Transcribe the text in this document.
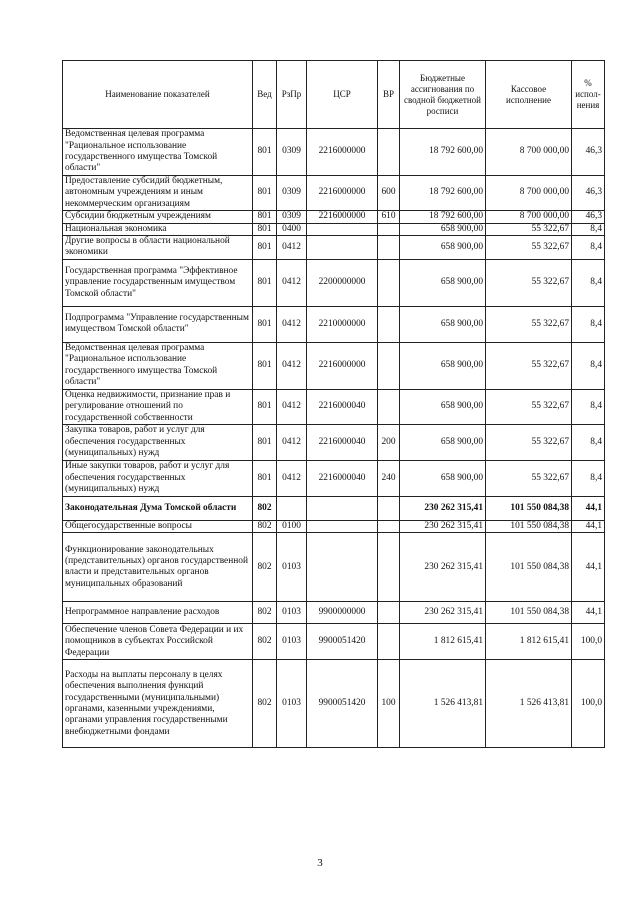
Наименование показателей	Вед	РзПр	ЦСР	ВР	Бюджетные ассигнования по сводной бюджетной росписи	Кассовое исполнение	% испол-нения
Ведомственная целевая программа "Рациональное использование государственного имущества Томской области"	801	0309	2216000000		18 792 600,00	8 700 000,00	46,3
Предоставление субсидий бюджетным, автономным учреждениям и иным некоммерческим организациям	801	0309	2216000000	600	18 792 600,00	8 700 000,00	46,3
Субсидии бюджетным учреждениям	801	0309	2216000000	610	18 792 600,00	8 700 000,00	46,3
Национальная экономика	801	0400			658 900,00	55 322,67	8,4
Другие вопросы в области национальной экономики	801	0412			658 900,00	55 322,67	8,4
Государственная программа "Эффективное управление государственным имуществом Томской области"	801	0412	2200000000		658 900,00	55 322,67	8,4
Подпрограмма "Управление государственным имуществом Томской области"	801	0412	2210000000		658 900,00	55 322,67	8,4
Ведомственная целевая программа "Рациональное использование государственного имущества Томской области"	801	0412	2216000000		658 900,00	55 322,67	8,4
Оценка недвижимости, признание прав и регулирование отношений по государственной собственности	801	0412	2216000040		658 900,00	55 322,67	8,4
Закупка товаров, работ и услуг для обеспечения государственных (муниципальных) нужд	801	0412	2216000040	200	658 900,00	55 322,67	8,4
Иные закупки товаров, работ и услуг для обеспечения государственных (муниципальных) нужд	801	0412	2216000040	240	658 900,00	55 322,67	8,4
Законодательная Дума Томской области	802				230 262 315,41	101 550 084,38	44,1
Общегосударственные вопросы	802	0100			230 262 315,41	101 550 084,38	44,1
Функционирование законодательных (представительных) органов государственной власти и представительных органов муниципальных образований	802	0103			230 262 315,41	101 550 084,38	44,1
Непрограммное направление расходов	802	0103	9900000000		230 262 315,41	101 550 084,38	44,1
Обеспечение членов Совета Федерации и их помощников в субъектах Российской Федерации	802	0103	9900051420		1 812 615,41	1 812 615,41	100,0
Расходы на выплаты персоналу в целях обеспечения выполнения функций государственными (муниципальными) органами, казенными учреждениями, органами управления государственными внебюджетными фондами	802	0103	9900051420	100	1 526 413,81	1 526 413,81	100,0
3
